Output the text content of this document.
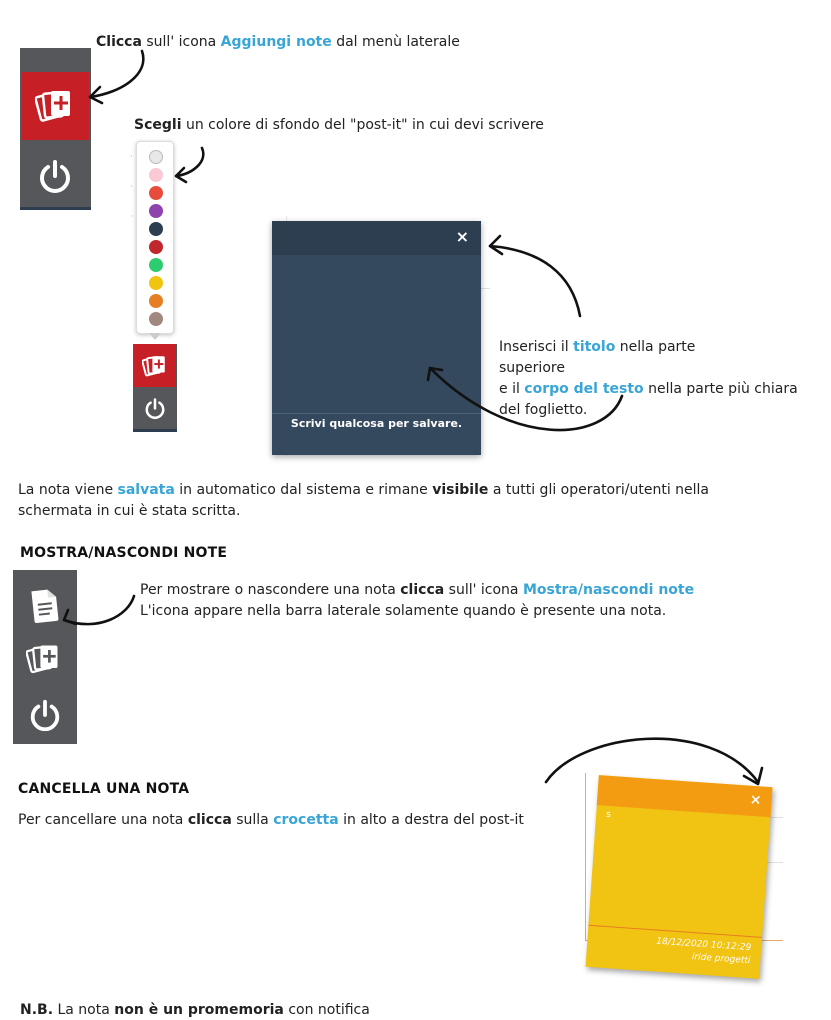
Clicca sull' icona Aggiungi note dal menù laterale
Scegli un colore di sfondo del "post-it" in cui devi scrivere
·
·
·
×
Scrivi qualcosa per salvare.
Inserisci il titolo nella parte
superiore
e il corpo del testo nella parte più chiara
del foglietto.
La nota viene salvata in automatico dal sistema e rimane visibile a tutti gli operatori/utenti nella
schermata in cui è stata scritta.
MOSTRA/NASCONDI NOTE
Per mostrare o nascondere una nota clicca sull' icona Mostra/nascondi note
L'icona appare nella barra laterale solamente quando è presente una nota.
CANCELLA UNA NOTA
Per cancellare una nota clicca sulla crocetta in alto a destra del post-it
×
s
18/12/2020 10:12:29
iride progetti
N.B. La nota non è un promemoria con notifica
